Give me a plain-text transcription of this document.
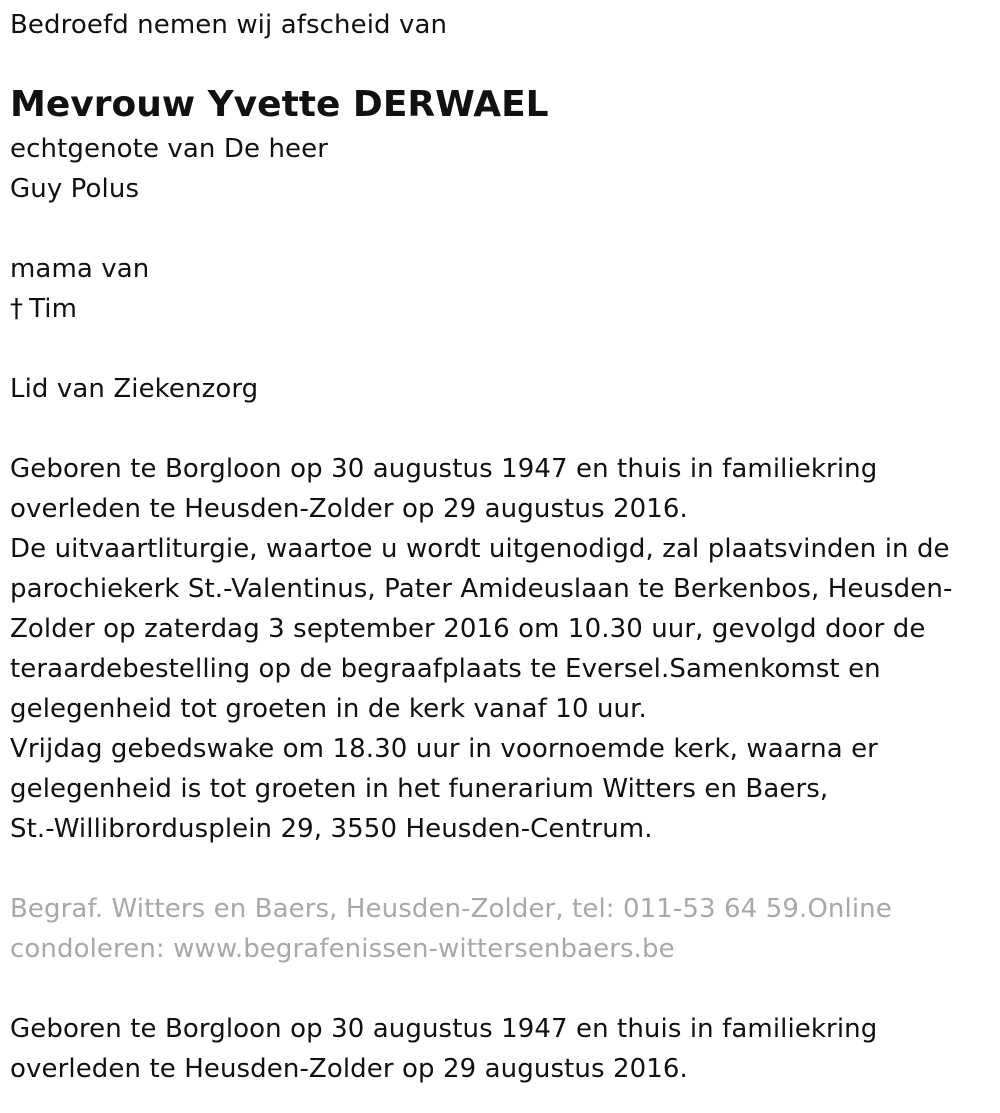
Bedroefd nemen wij afscheid van
Mevrouw Yvette DERWAEL
echtgenote van De heer
Guy Polus
mama van
† Tim
Lid van Ziekenzorg
Geboren te Borgloon op 30 augustus 1947 en thuis in familiekring
overleden te Heusden-Zolder op 29 augustus 2016.
De uitvaartliturgie, waartoe u wordt uitgenodigd, zal plaatsvinden in de
parochiekerk St.-Valentinus, Pater Amideuslaan te Berkenbos, Heusden-
Zolder op zaterdag 3 september 2016 om 10.30 uur, gevolgd door de
teraardebestelling op de begraafplaats te Eversel.Samenkomst en
gelegenheid tot groeten in de kerk vanaf 10 uur.
Vrijdag gebedswake om 18.30 uur in voornoemde kerk, waarna er
gelegenheid is tot groeten in het funerarium Witters en Baers,
St.-Willibrordusplein 29, 3550 Heusden-Centrum.
Begraf. Witters en Baers, Heusden-Zolder, tel: 011-53 64 59.Online
condoleren: www.begrafenissen-wittersenbaers.be
Geboren te Borgloon op 30 augustus 1947 en thuis in familiekring
overleden te Heusden-Zolder op 29 augustus 2016.
